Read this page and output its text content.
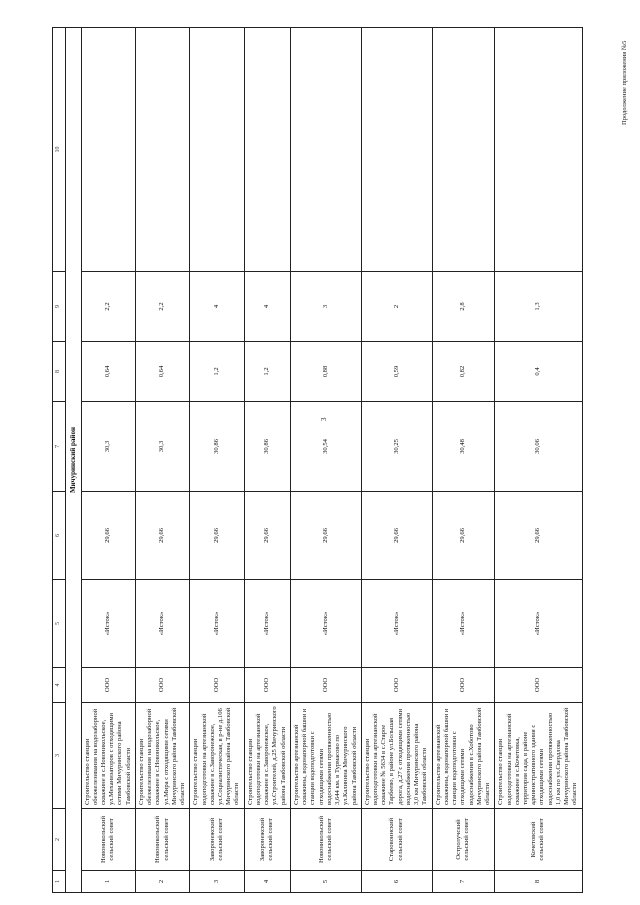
Продолжение приложения №5
3
1	2	3	4	5	6	7	8	9	10
Мичуринский район									
1	Новоникольский сельский совет	Строительство станции обезжелезивания на водозаборной скважине в с.Новоникольское, ул.Механизаторов с отходящими сетями Мичуринского района Тамбовской области	ООО	«Исток»	29,66	30,3	0,64	2,2	
2	Новоникольский сельский совет	Строительство станции обезжелезивания на водозаборной скважине в с.Новоникольское, ул.Мира с отходящими сетями Мичуринского района Тамбовской области	ООО	«Исток»	29,66	30,3	0,64	2,2	
3	Заворонежский сельский совет	Строительство станции водоподготовки на артезианской скважине в с.Заворонежское, ул.Социалистическая, в р-не д.106 Мичуринского района Тамбовской области	ООО	«Исток»	29,66	30,86	1,2	4	
4	Заворонежский сельский совет	Строительство станции водоподготовки на артезианской скважине в с.Заворонежское, ул.Строителей, д.25 Мичуринского района Тамбовской области	ООО	«Исток»	29,66	30,86	1,2	4	
5	Новоникольский сельский совет	Строительство артезианской скважины, водонапорной башни и станции водоподготовки с отходящими сетями водоснабжения протяженностью 3,644 км. в Турмасово по ул.Калинина Мичуринского района Тамбовской области	ООО	«Исток»	29,66	30,54	0,88	3	
6	Старовоинский сельский совет	Строительство станции водоподготовки на артезианской скважине № 5634 в с.Старое Тарбеево, в районе ул.Большая дорога, д.27 с отходящими сетями водоснабжения протяженностью 3,0 км Мичуринского района Тамбовской области	ООО	«Исток»	29,66	30,25	0,59	2	
7	Остролучский сельский совет	Строительство артезианской скважины, водонапорной башни и станции водоподготовки с отходящими сетями водоснабжения в с.Хоботово Мичуринского района Тамбовской области	ООО	«Исток»	29,66	30,48	0,82	2,8	
8	Кочетовский сельский совет	Строительство станции водоподготовки на артезианской скважине в с.Кочетовка, территория сада, в районе административного здания с отходящими сетями водоснабжения протяженностью 1,0 км по ул.Свердлова Мичуринского района Тамбовской области	ООО	«Исток»	29,66	30,06	0,4	1,3	
